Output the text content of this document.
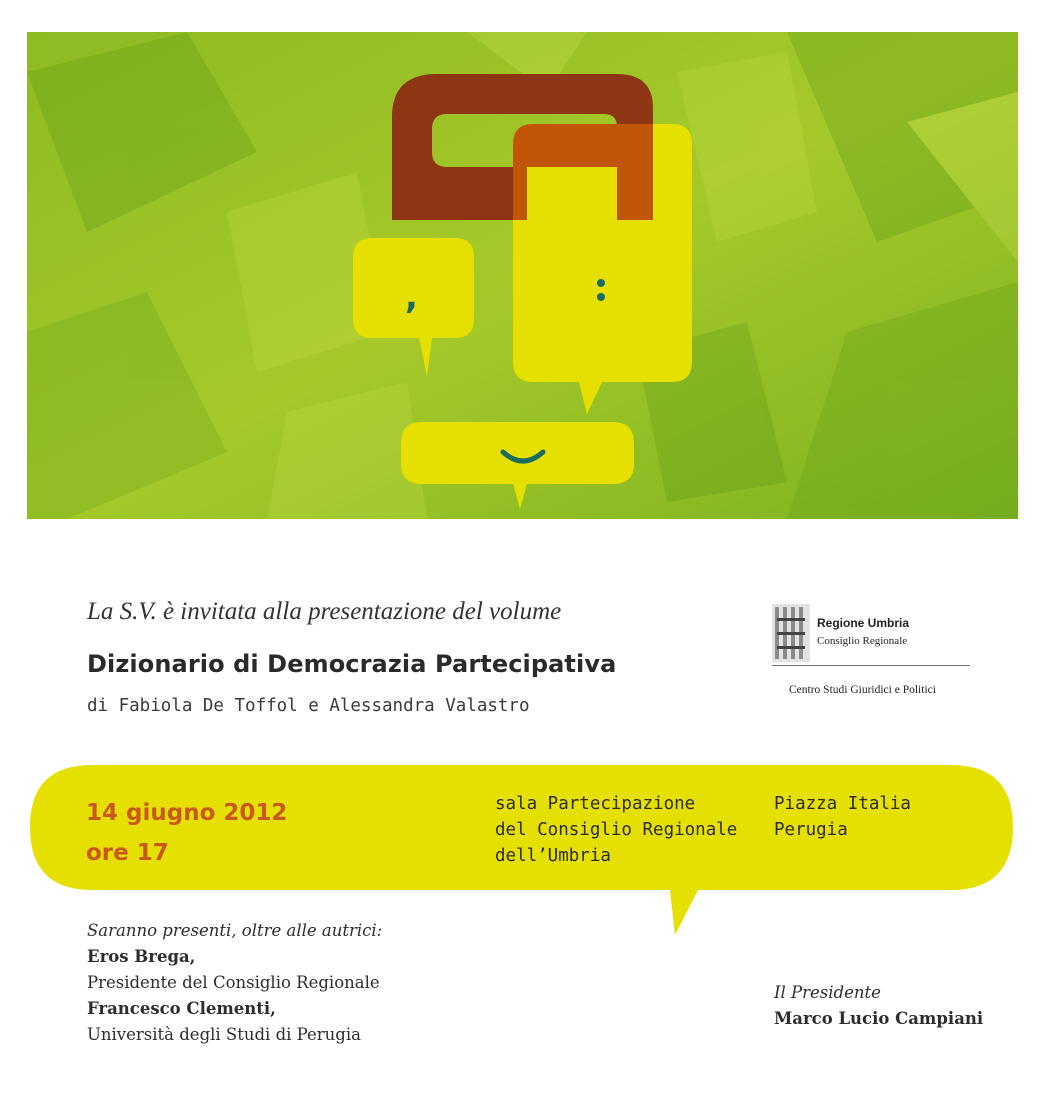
,
La S.V. è invitata alla presentazione del volume
Dizionario di Democrazia Partecipativa
di Fabiola De Toffol e Alessandra Valastro
Regione Umbria
Consiglio Regionale
Centro Studi Giuridici e Politici
14 giugno 2012
ore 17
sala Partecipazione
del Consiglio Regionale
dell’Umbria
Piazza Italia
Perugia
Saranno presenti, oltre alle autrici:
Eros Brega,
Presidente del Consiglio Regionale
Francesco Clementi,
Università degli Studi di Perugia
Il Presidente
Marco Lucio Campiani
